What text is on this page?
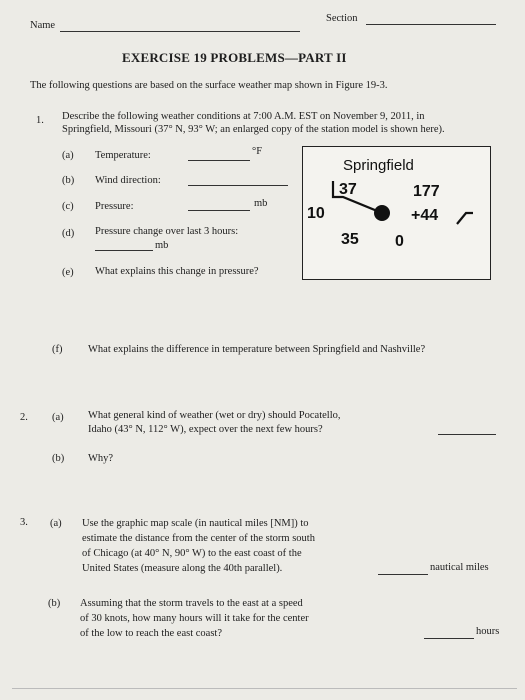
Name
Section
EXERCISE 19 PROBLEMS—PART II
The following questions are based on the surface weather map shown in Figure 19-3.
1. Describe the following weather conditions at 7:00 A.M. EST on November 9, 2011, in
Springfield, Missouri (37° N, 93° W; an enlarged copy of the station model is shown here).
(a) Temperature:	°F
(b) Wind direction:
(c) Pressure:	mb
(d) Pressure change over last 3 hours:
mb
(e) What explains this change in pressure?
(f) What explains the difference in temperature between Springfield and Nashville?
Springfield
37	177
10	+44
35 0
2. (a) What general kind of weather (wet or dry) should Pocatello,
Idaho (43° N, 112° W), expect over the next few hours?
(b) Why?
3. (a) Use the graphic map scale (in nautical miles [NM]) to
estimate the distance from the center of the storm south
of Chicago (at 40° N, 90° W) to the east coast of the
United States (measure along the 40th parallel).	nautical miles
(b) Assuming that the storm travels to the east at a speed
of 30 knots, how many hours will it take for the center
of the low to reach the east coast?	hours
